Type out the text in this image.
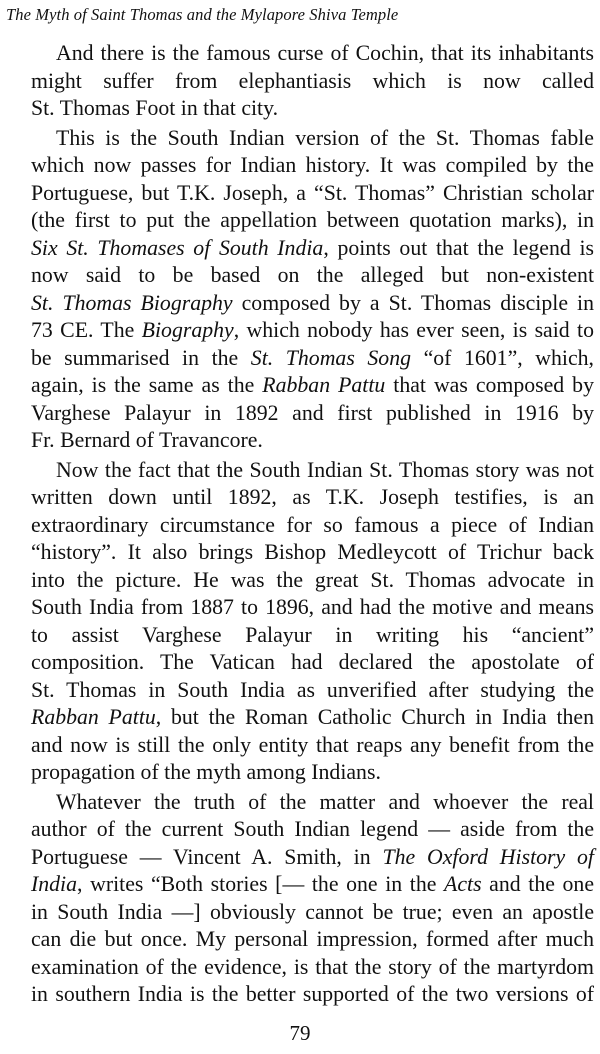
The Myth of Saint Thomas and the Mylapore Shiva Temple
And there is the famous curse of Cochin, that its inhabitants
might suffer from elephantiasis which is now called
St. Thomas Foot in that city.
This is the South Indian version of the St. Thomas fable
which now passes for Indian history. It was compiled by the
Portuguese, but T.K. Joseph, a “St. Thomas” Christian scholar
(the first to put the appellation between quotation marks), in
Six St. Thomases of South India, points out that the legend is
now said to be based on the alleged but non-existent
St. Thomas Biography composed by a St. Thomas disciple in
73 CE. The Biography, which nobody has ever seen, is said to
be summarised in the St. Thomas Song “of 1601”, which,
again, is the same as the Rabban Pattu that was composed by
Varghese Palayur in 1892 and first published in 1916 by
Fr. Bernard of Travancore.
Now the fact that the South Indian St. Thomas story was not
written down until 1892, as T.K. Joseph testifies, is an
extraordinary circumstance for so famous a piece of Indian
“history”. It also brings Bishop Medleycott of Trichur back
into the picture. He was the great St. Thomas advocate in
South India from 1887 to 1896, and had the motive and means
to assist Varghese Palayur in writing his “ancient”
composition. The Vatican had declared the apostolate of
St. Thomas in South India as unverified after studying the
Rabban Pattu, but the Roman Catholic Church in India then
and now is still the only entity that reaps any benefit from the
propagation of the myth among Indians.
Whatever the truth of the matter and whoever the real
author of the current South Indian legend — aside from the
Portuguese — Vincent A. Smith, in The Oxford History of
India, writes “Both stories [— the one in the Acts and the one
in South India —] obviously cannot be true; even an apostle
can die but once. My personal impression, formed after much
examination of the evidence, is that the story of the martyrdom
in southern India is the better supported of the two versions of
79
